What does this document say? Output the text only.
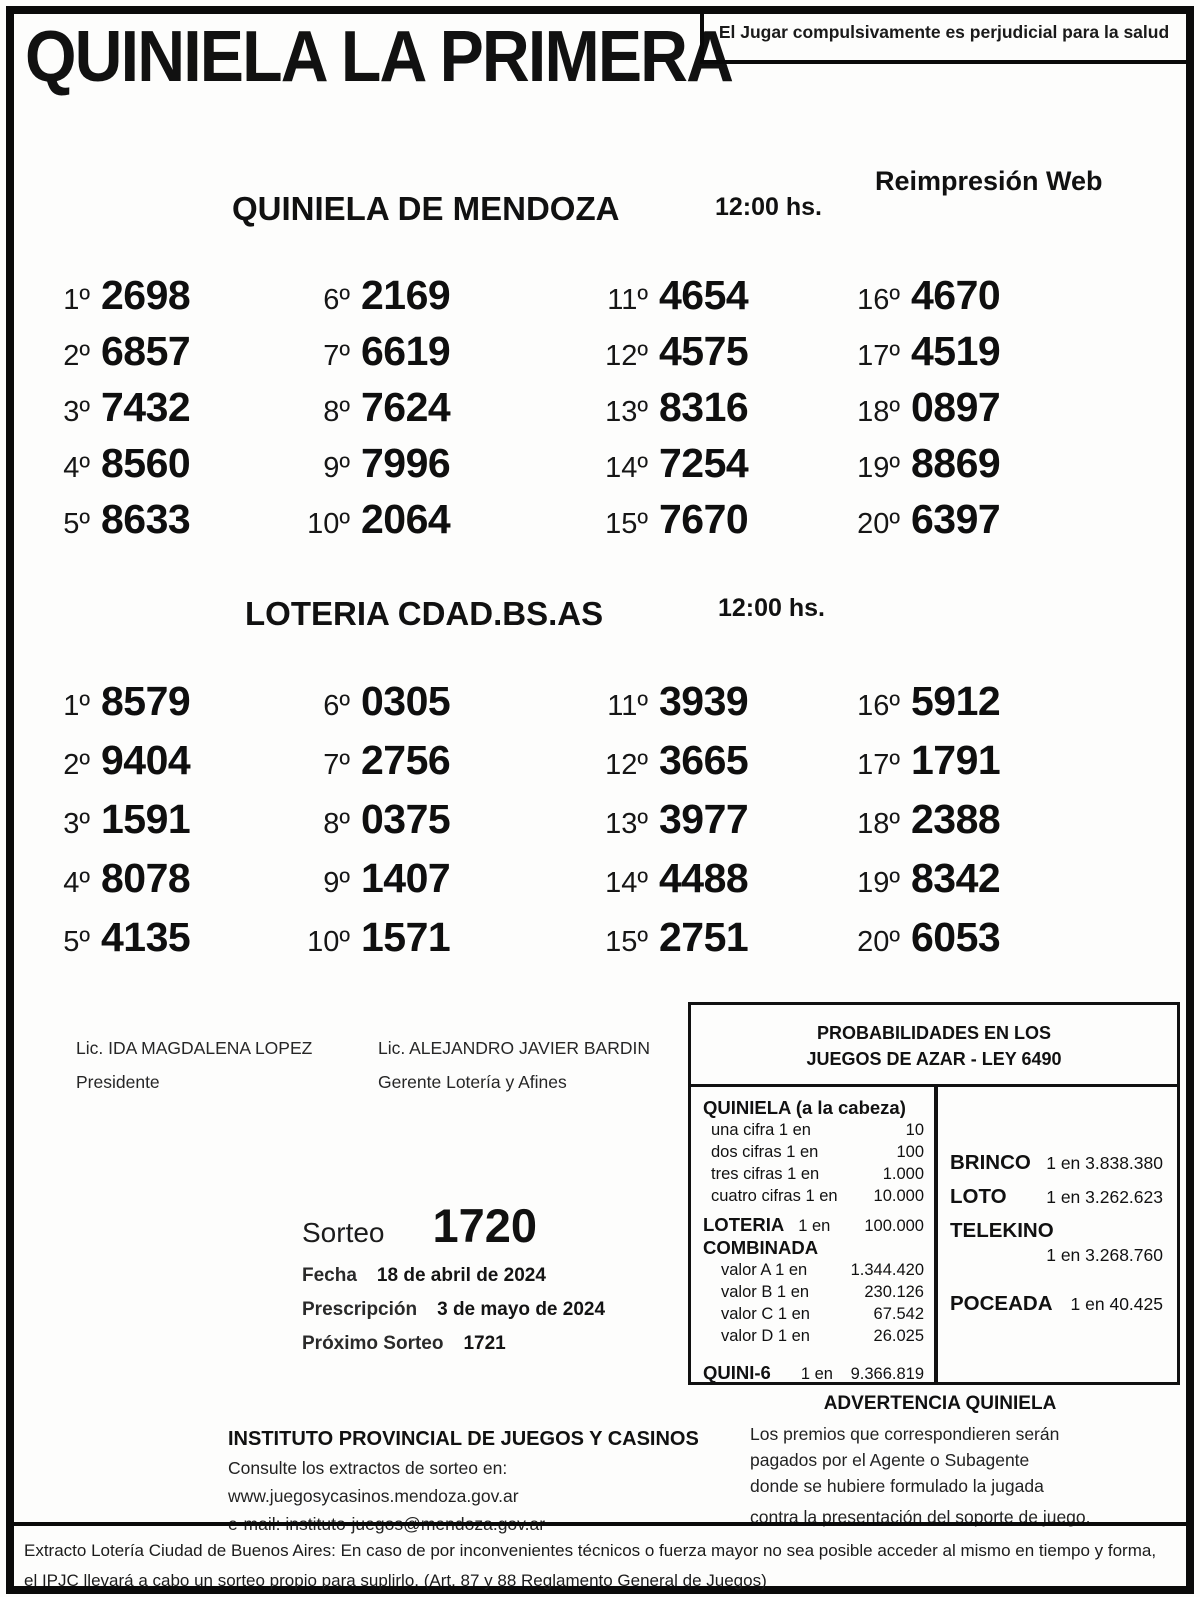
QUINIELA LA PRIMERA
El Jugar compulsivamente es perjudicial para la salud
Reimpresión Web
QUINIELA DE MENDOZA	12:00 hs.
1º 2698
2º 6857
3º 7432
4º 8560
5º 8633
6º 2169
7º 6619
8º 7624
9º 7996
10º 2064
11º 4654
12º 4575
13º 8316
14º 7254
15º 7670
16º 4670
17º 4519
18º 0897
19º 8869
20º 6397
LOTERIA CDAD.BS.AS	12:00 hs.
1º 8579
2º 9404
3º 1591
4º 8078
5º 4135
6º 0305
7º 2756
8º 0375
9º 1407
10º 1571
11º 3939
12º 3665
13º 3977
14º 4488
15º 2751
16º 5912
17º 1791
18º 2388
19º 8342
20º 6053
Lic. IDA MAGDALENA LOPEZ
Presidente
Lic. ALEJANDRO JAVIER BARDIN
Gerente Lotería y Afines
PROBABILIDADES EN LOS
JUEGOS DE AZAR - LEY 6490
QUINIELA (a la cabeza)
una cifra 1 en	10
dos cifras 1 en	100
tres cifras 1 en	1.000
cuatro cifras 1 en 10.000
LOTERIA 1 en 100.000
COMBINADA
valor A 1 en	1.344.420
valor B 1 en	230.126
valor C 1 en	67.542
valor D 1 en	26.025
QUINI-6 1 en 9.366.819
BRINCO 1 en 3.838.380
LOTO 1 en 3.262.623
TELEKINO
1 en 3.268.760
POCEADA 1 en 40.425
Sorteo 1720
Fecha 18 de abril de 2024
Prescripción 3 de mayo de 2024
Próximo Sorteo 1721
INSTITUTO PROVINCIAL DE JUEGOS Y CASINOS
Consulte los extractos de sorteo en:
www.juegosycasinos.mendoza.gov.ar
e-mail: instituto-juegos@mendoza.gov.ar
ADVERTENCIA QUINIELA
Los premios que correspondieren serán
pagados por el Agente o Subagente
donde se hubiere formulado la jugada
contra la presentación del soporte de juego.
Extracto Lotería Ciudad de Buenos Aires: En caso de por inconvenientes técnicos o fuerza mayor no sea posible acceder al mismo en tiempo y forma, el IPJC llevará a cabo un sorteo propio para suplirlo. (Art. 87 y 88 Reglamento General de Juegos)
